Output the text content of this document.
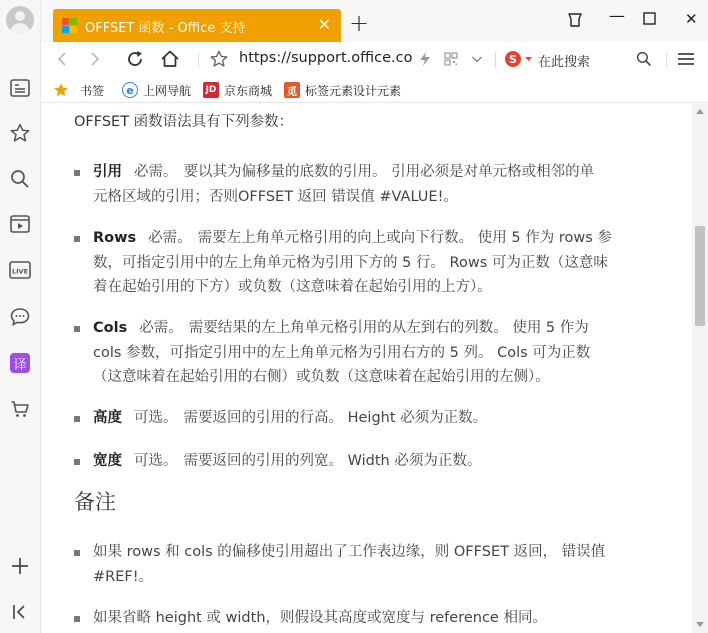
LIVE
译
OFFSET 函数 - Office 支持	✕ +	—	✕
https://support.office.co	S 在此搜索
书签	e 上网导航 JD 京东商城	觅 标签元素设计元素
OFFSET 函数语法具有下列参数：
引用 必需。 要以其为偏移量的底数的引用。 引用必须是对单元格或相邻的单
元格区域的引用；否则OFFSET 返回 错误值 #VALUE!。
Rows 必需。 需要左上角单元格引用的向上或向下行数。 使用 5 作为 rows 参
数，可指定引用中的左上角单元格为引用下方的 5 行。 Rows 可为正数（这意味
着在起始引用的下方）或负数（这意味着在起始引用的上方）。
Cols 必需。 需要结果的左上角单元格引用的从左到右的列数。 使用 5 作为
cols 参数，可指定引用中的左上角单元格为引用右方的 5 列。 Cols 可为正数
（这意味着在起始引用的右侧）或负数（这意味着在起始引用的左侧）。
高度 可选。 需要返回的引用的行高。 Height 必须为正数。
宽度 可选。 需要返回的引用的列宽。 Width 必须为正数。
备注
如果 rows 和 cols 的偏移使引用超出了工作表边缘，则 OFFSET 返回， 错误值
#REF!。
如果省略 height 或 width，则假设其高度或宽度与 reference 相同。
